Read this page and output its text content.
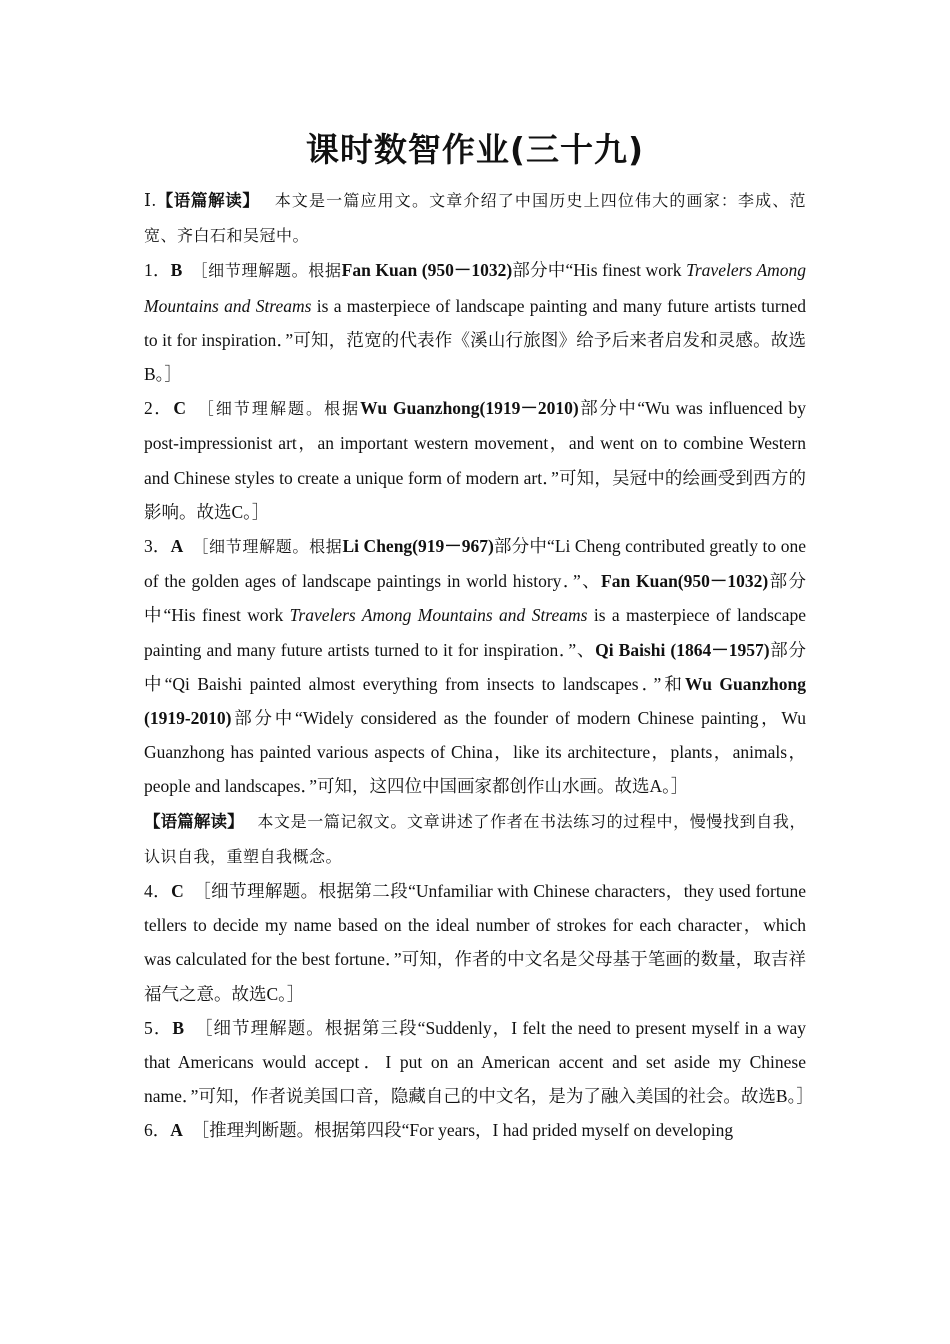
课时数智作业(三十九)

Ⅰ.【语篇解读】 本文是一篇应用文。文章介绍了中国历史上四位伟大的画家：李成、范宽、齐白石和吴冠中。

1．B ［细节理解题。根据Fan Kuan (950－1032)部分中“His finest work Travelers Among Mountains and Streams is a masterpiece of landscape painting and many future artists turned to it for inspiration．”可知，范宽的代表作《溪山行旅图》给予后来者启发和灵感。故选B。］

2．C ［细节理解题。根据Wu Guanzhong(1919－2010)部分中“Wu was influenced by post-impressionist art，an important western movement，and went on to combine Western and Chinese styles to create a unique form of modern art．”可知，吴冠中的绘画受到西方的影响。故选C。］

3．A ［细节理解题。根据Li Cheng(919－967)部分中“Li Cheng contributed greatly to one of the golden ages of landscape paintings in world history．”、Fan Kuan(950－1032)部分中“His finest work Travelers Among Mountains and Streams is a masterpiece of landscape painting and many future artists turned to it for inspiration．”、Qi Baishi (1864－1957)部分中“Qi Baishi painted almost everything from insects to landscapes．”和Wu Guanzhong (1919-2010)部分中“Widely considered as the founder of modern Chinese painting，Wu Guanzhong has painted various aspects of China，like its architecture，plants，animals，people and landscapes．”可知，这四位中国画家都创作山水画。故选A。］

【语篇解读】 本文是一篇记叙文。文章讲述了作者在书法练习的过程中，慢慢找到自我，认识自我，重塑自我概念。

4．C ［细节理解题。根据第二段“Unfamiliar with Chinese characters，they used fortune tellers to decide my name based on the ideal number of strokes for each character，which was calculated for the best fortune．”可知，作者的中文名是父母基于笔画的数量，取吉祥福气之意。故选C。］

5．B ［细节理解题。根据第三段“Suddenly，I felt the need to present myself in a way that Americans would accept．I put on an American accent and set aside my Chinese name．”可知，作者说美国口音，隐藏自己的中文名，是为了融入美国的社会。故选B。］

6．A ［推理判断题。根据第四段“For years，I had prided myself on developing
